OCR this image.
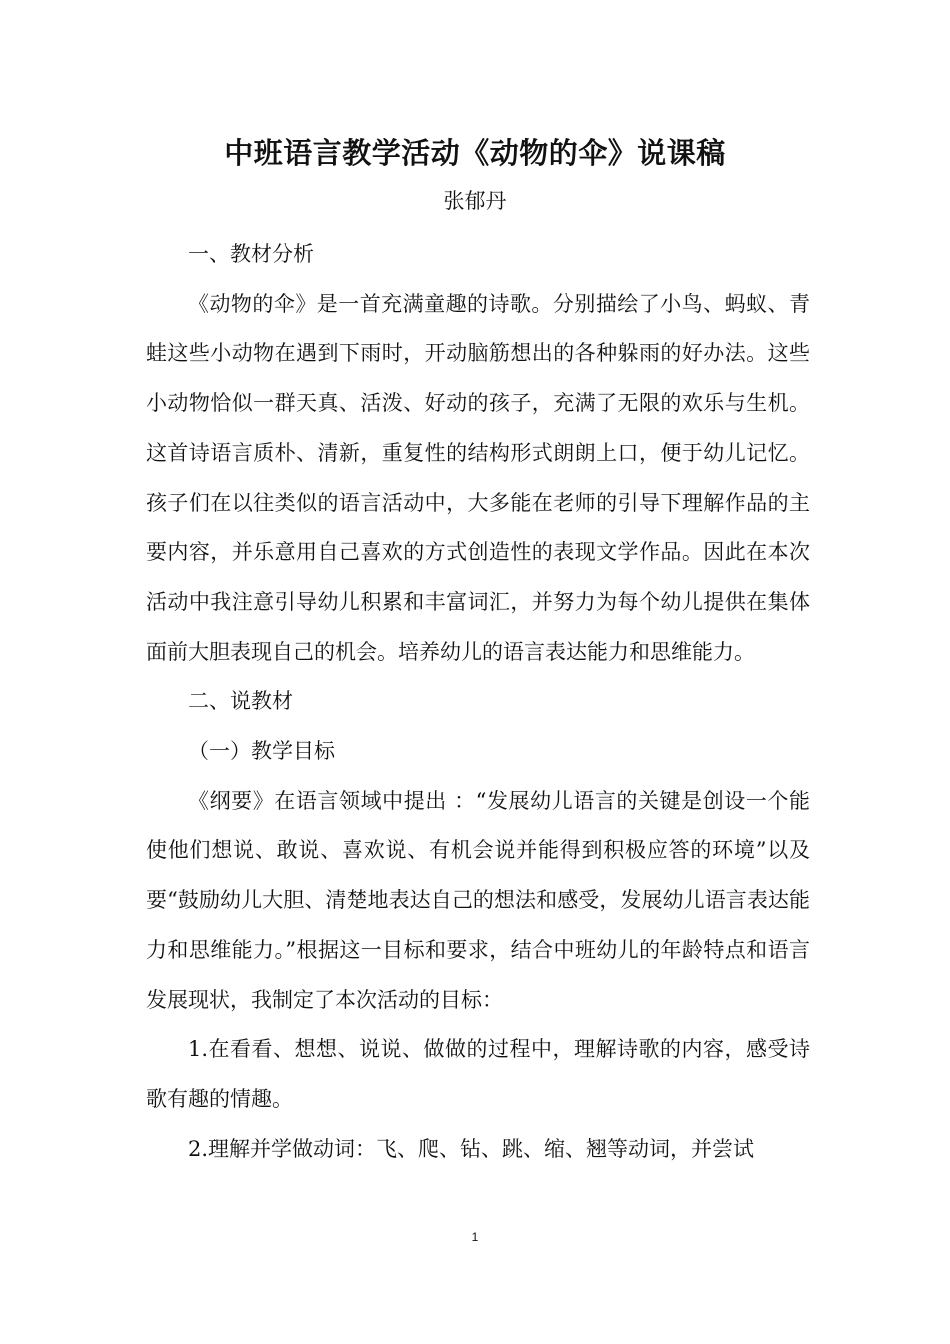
中班语言教学活动《动物的伞》说课稿
张郁丹

一、教材分析

《动物的伞》是一首充满童趣的诗歌。分别描绘了小鸟、蚂蚁、青蛙这些小动物在遇到下雨时，开动脑筋想出的各种躲雨的好办法。这些小动物恰似一群天真、活泼、好动的孩子，充满了无限的欢乐与生机。这首诗语言质朴、清新，重复性的结构形式朗朗上口，便于幼儿记忆。 孩子们在以往类似的语言活动中，大多能在老师的引导下理解作品的主要内容，并乐意用自己喜欢的方式创造性的表现文学作品。因此在本次活动中我注意引导幼儿积累和丰富词汇，并努力为每个幼儿提供在集体面前大胆表现自己的机会。培养幼儿的语言表达能力和思维能力。

二、说教材

（一）教学目标

《纲要》在语言领域中提出 ：“发展幼儿语言的关键是创设一个能使他们想说、敢说、喜欢说、有机会说并能得到积极应答的环境”以及要“鼓励幼儿大胆、清楚地表达自己的想法和感受，发展幼儿语言表达能力和思维能力。”根据这一目标和要求，结合中班幼儿的年龄特点和语言发展现状，我制定了本次活动的目标：

1.在看看、想想、说说、做做的过程中，理解诗歌的内容，感受诗歌有趣的情趣。

2.理解并学做动词：飞、爬、钻、跳、缩、翘等动词，并尝试

1
